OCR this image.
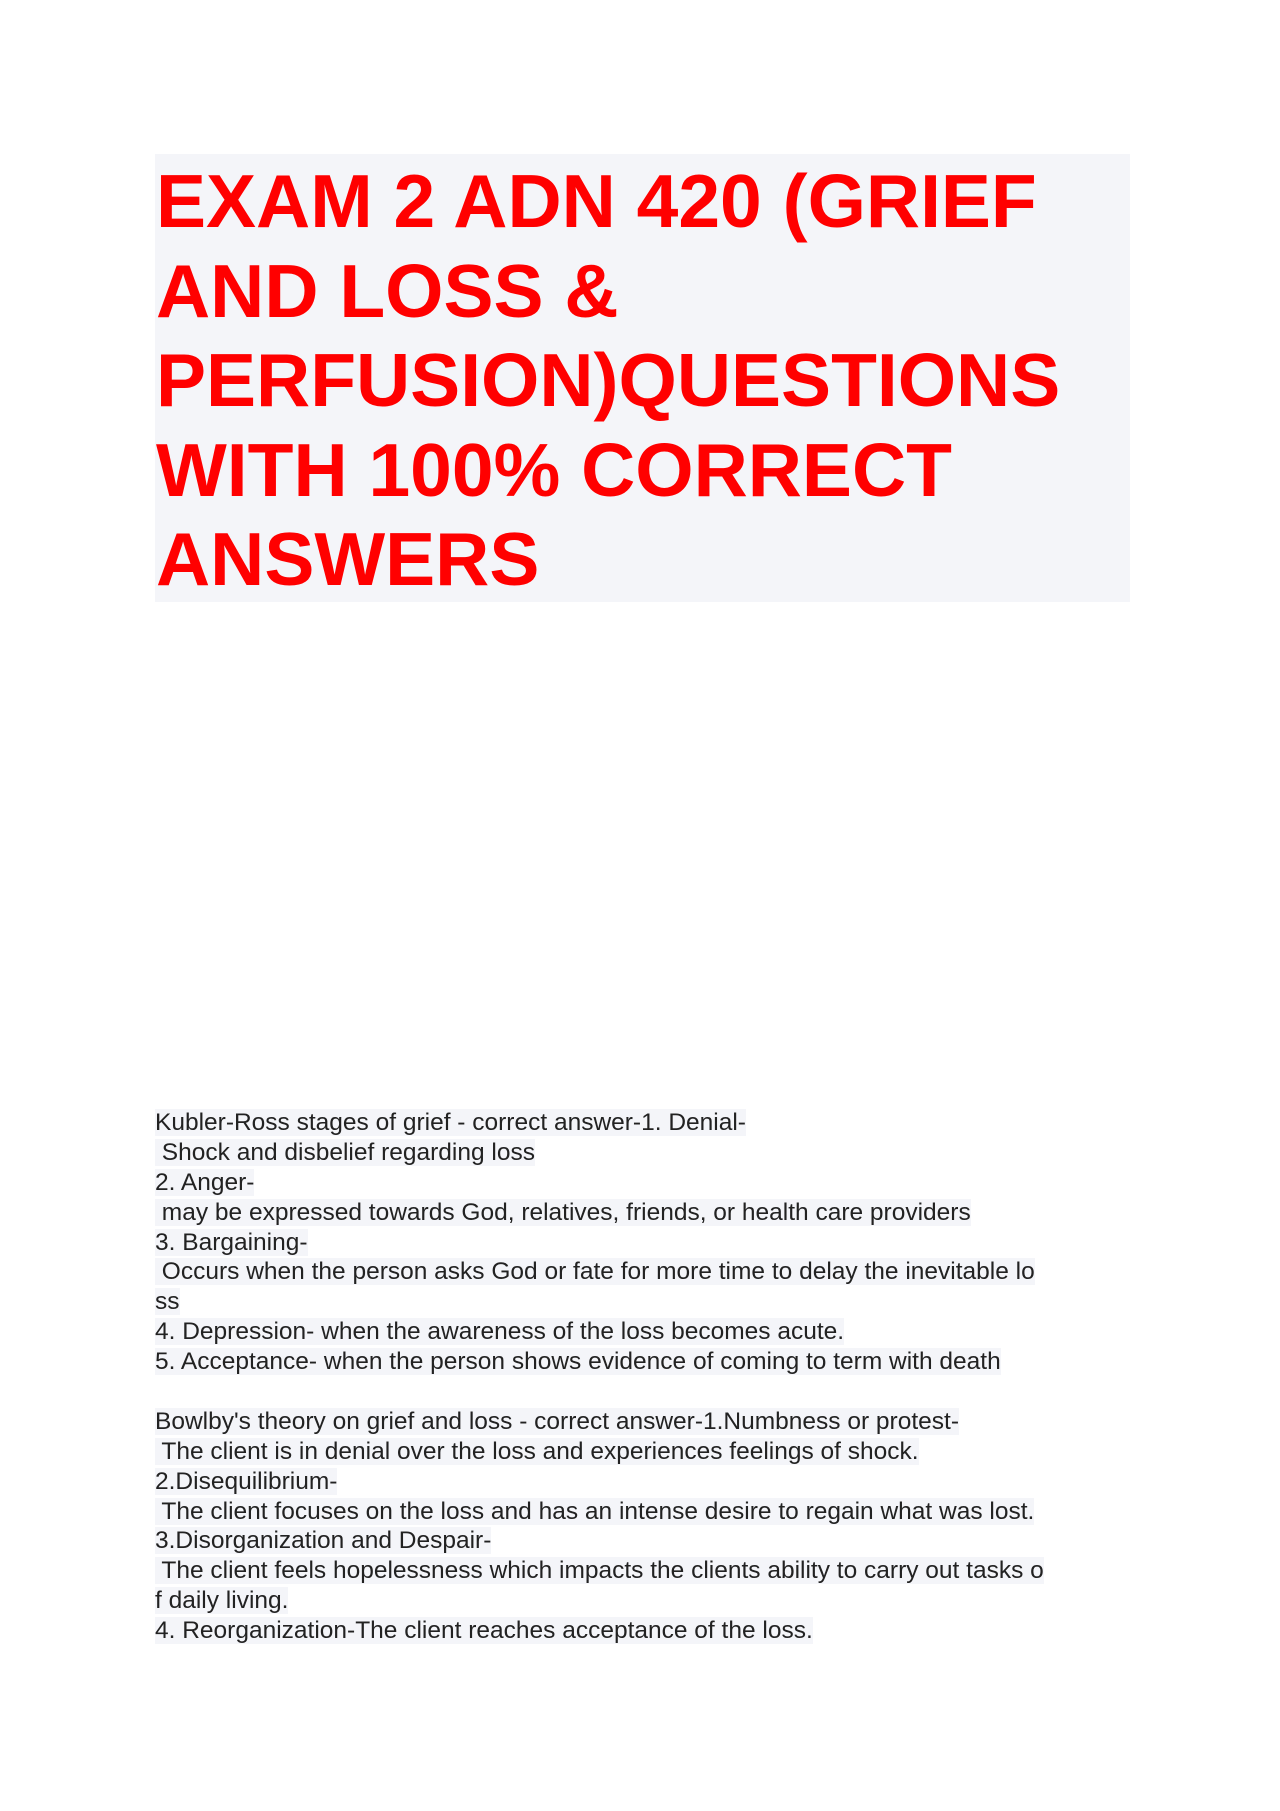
EXAM 2 ADN 420 (GRIEF
AND LOSS &
PERFUSION)QUESTIONS
WITH 100% CORRECT
ANSWERS
Kubler-Ross stages of grief - correct answer-1. Denial-
Shock and disbelief regarding loss
2. Anger-
may be expressed towards God, relatives, friends, or health care providers
3. Bargaining-
Occurs when the person asks God or fate for more time to delay the inevitable lo
ss
4. Depression- when the awareness of the loss becomes acute.
5. Acceptance- when the person shows evidence of coming to term with death
Bowlby's theory on grief and loss - correct answer-1.Numbness or protest-
The client is in denial over the loss and experiences feelings of shock.
2.Disequilibrium-
The client focuses on the loss and has an intense desire to regain what was lost.
3.Disorganization and Despair-
The client feels hopelessness which impacts the clients ability to carry out tasks o
f daily living.
4. Reorganization-The client reaches acceptance of the loss.
